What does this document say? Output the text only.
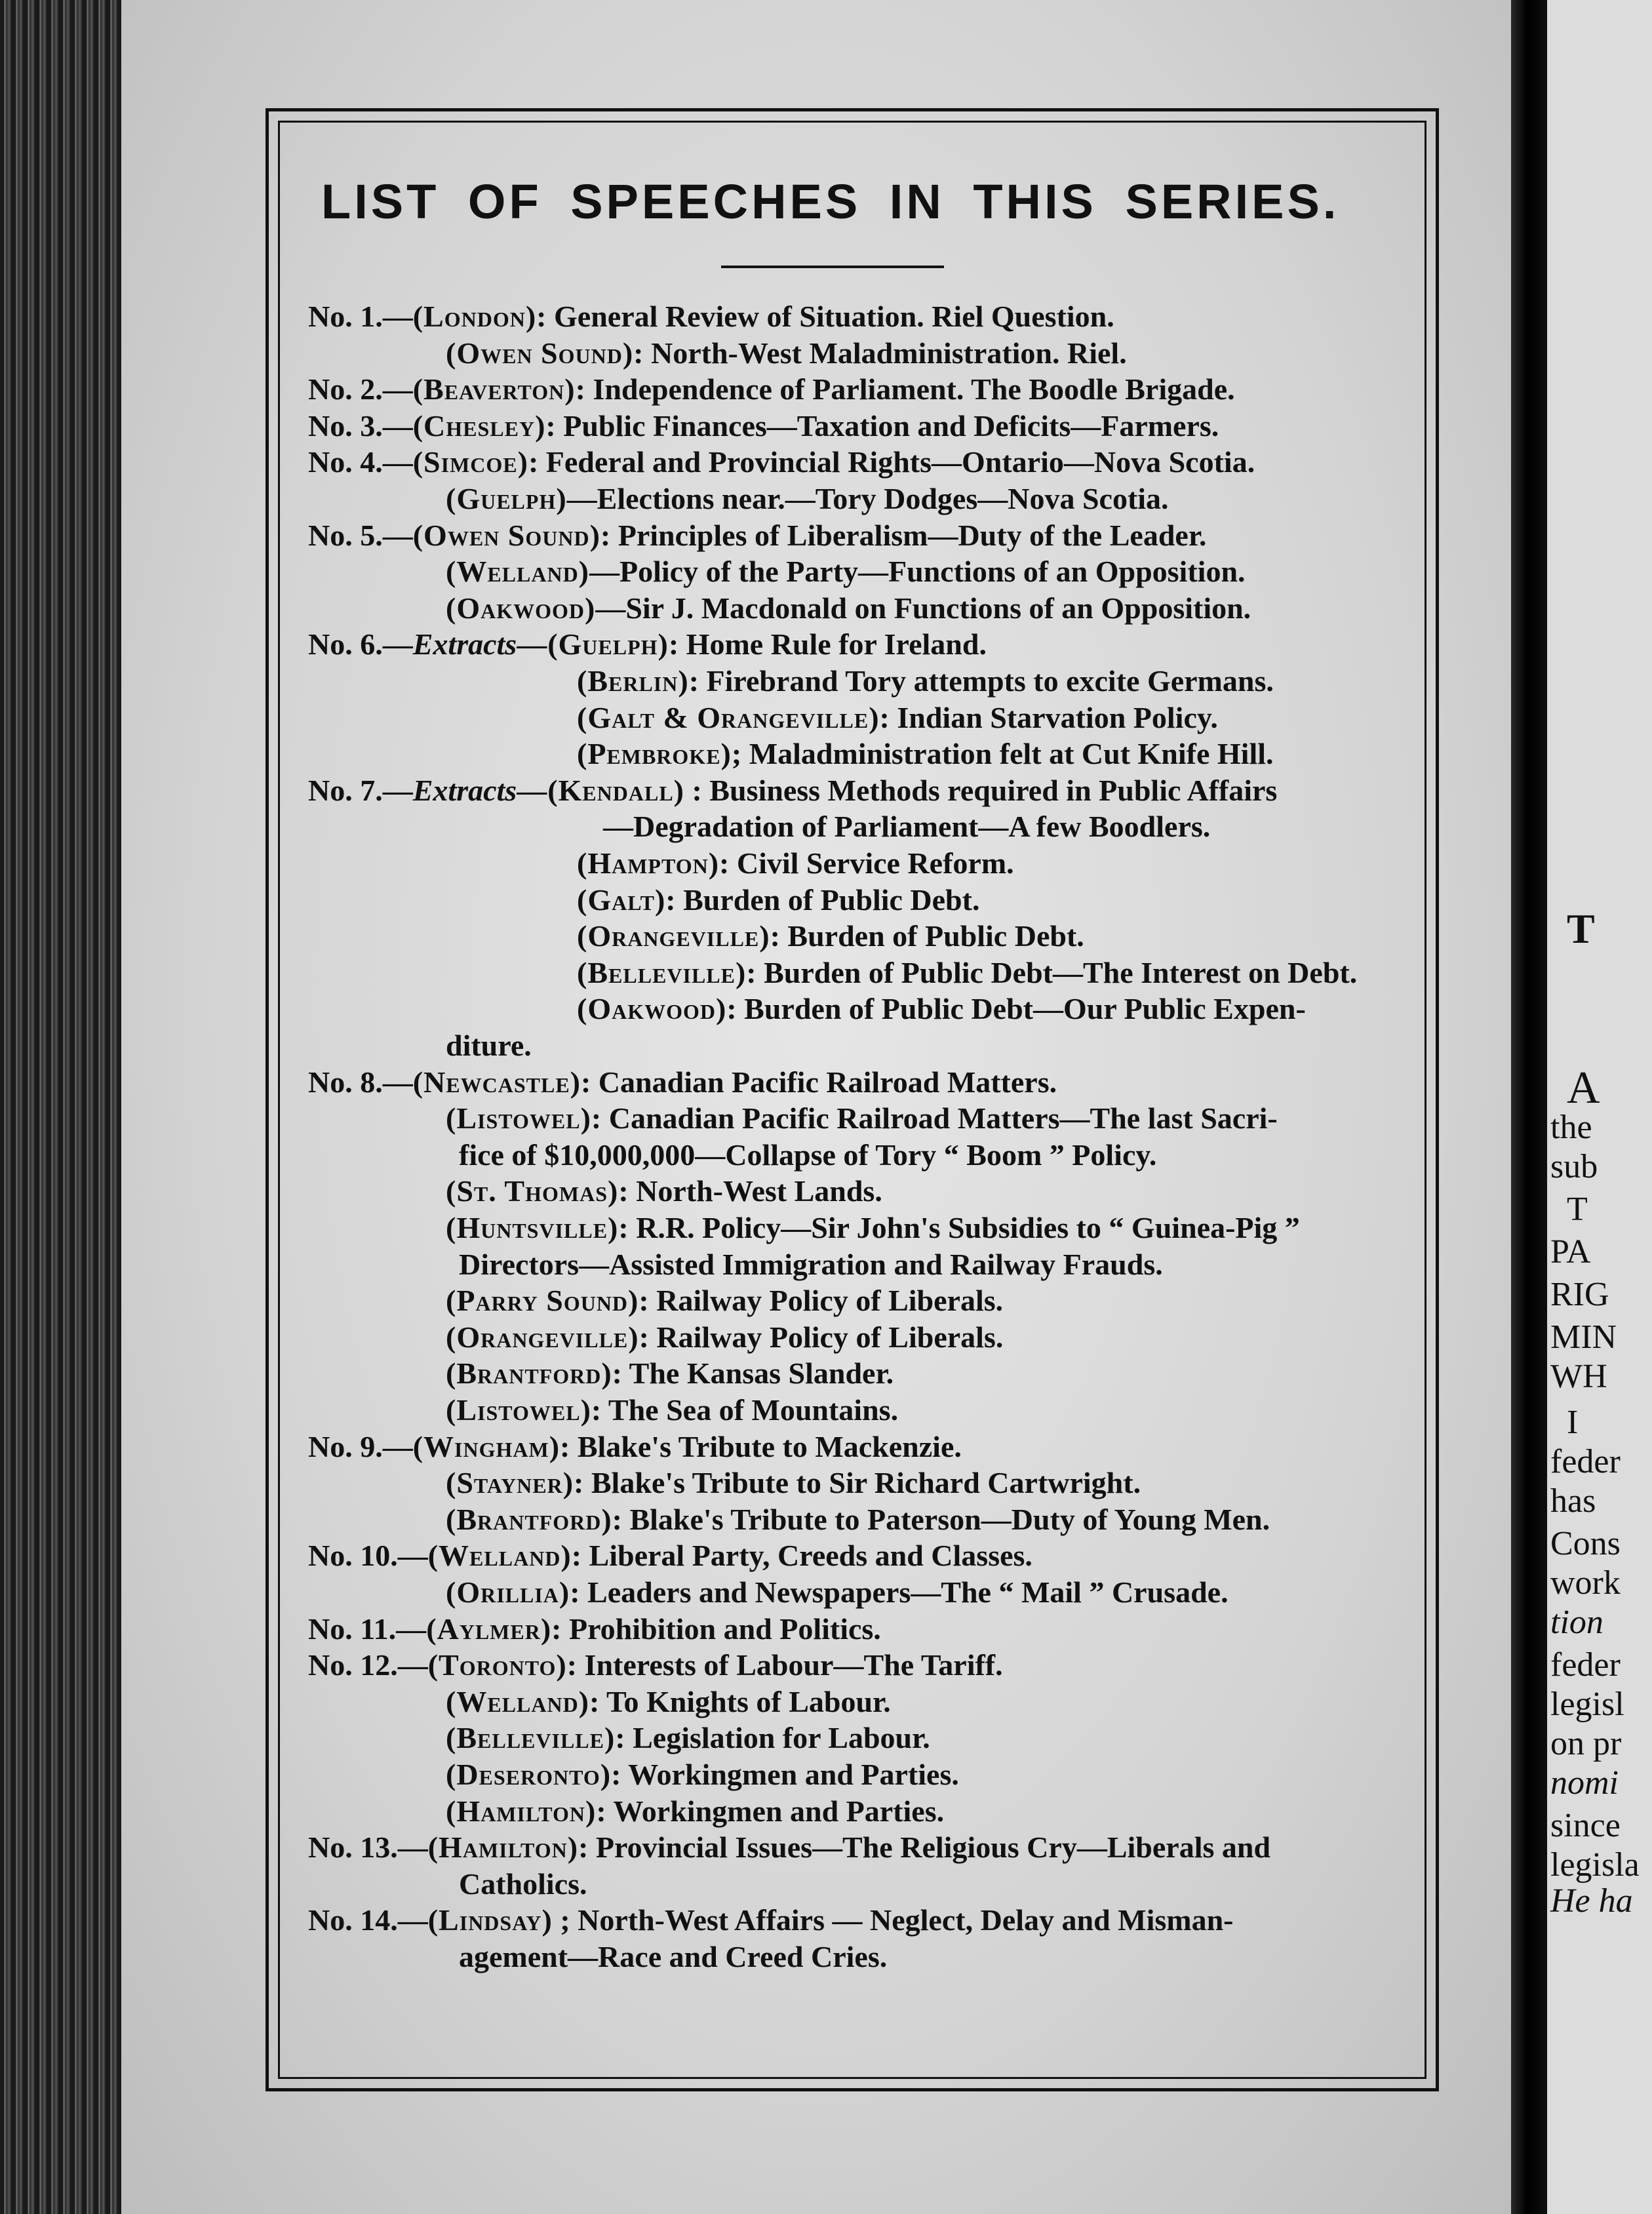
T
A
the
sub
T
PA
RIG
MIN
WH
I
feder
has
Cons
work
tion
feder
legisl
on pr
nomi
since
legisla
He ha
LIST OF SPEECHES IN THIS SERIES.
No. 1.—(London): General Review of Situation. Riel Question.
(Owen Sound): North-West Maladministration. Riel.
No. 2.—(Beaverton): Independence of Parliament. The Boodle Brigade.
No. 3.—(Chesley): Public Finances—Taxation and Deficits—Farmers.
No. 4.—(Simcoe): Federal and Provincial Rights—Ontario—Nova Scotia.
(Guelph)—Elections near.—Tory Dodges—Nova Scotia.
No. 5.—(Owen Sound): Principles of Liberalism—Duty of the Leader.
(Welland)—Policy of the Party—Functions of an Opposition.
(Oakwood)—Sir J. Macdonald on Functions of an Opposition.
No. 6.—Extracts—(Guelph): Home Rule for Ireland.
(Berlin): Firebrand Tory attempts to excite Germans.
(Galt & Orangeville): Indian Starvation Policy.
(Pembroke); Maladministration felt at Cut Knife Hill.
No. 7.—Extracts—(Kendall) : Business Methods required in Public Affairs
—Degradation of Parliament—A few Boodlers.
(Hampton): Civil Service Reform.
(Galt): Burden of Public Debt.
(Orangeville): Burden of Public Debt.
(Belleville): Burden of Public Debt—The Interest on Debt.
(Oakwood): Burden of Public Debt—Our Public Expen-
diture.
No. 8.—(Newcastle): Canadian Pacific Railroad Matters.
(Listowel): Canadian Pacific Railroad Matters—The last Sacri-
fice of $10,000,000—Collapse of Tory “ Boom ” Policy.
(St. Thomas): North-West Lands.
(Huntsville): R.R. Policy—Sir John's Subsidies to “ Guinea-Pig ”
Directors—Assisted Immigration and Railway Frauds.
(Parry Sound): Railway Policy of Liberals.
(Orangeville): Railway Policy of Liberals.
(Brantford): The Kansas Slander.
(Listowel): The Sea of Mountains.
No. 9.—(Wingham): Blake's Tribute to Mackenzie.
(Stayner): Blake's Tribute to Sir Richard Cartwright.
(Brantford): Blake's Tribute to Paterson—Duty of Young Men.
No. 10.—(Welland): Liberal Party, Creeds and Classes.
(Orillia): Leaders and Newspapers—The “ Mail ” Crusade.
No. 11.—(Aylmer): Prohibition and Politics.
No. 12.—(Toronto): Interests of Labour—The Tariff.
(Welland): To Knights of Labour.
(Belleville): Legislation for Labour.
(Deseronto): Workingmen and Parties.
(Hamilton): Workingmen and Parties.
No. 13.—(Hamilton): Provincial Issues—The Religious Cry—Liberals and
Catholics.
No. 14.—(Lindsay) ; North-West Affairs — Neglect, Delay and Misman-
agement—Race and Creed Cries.
